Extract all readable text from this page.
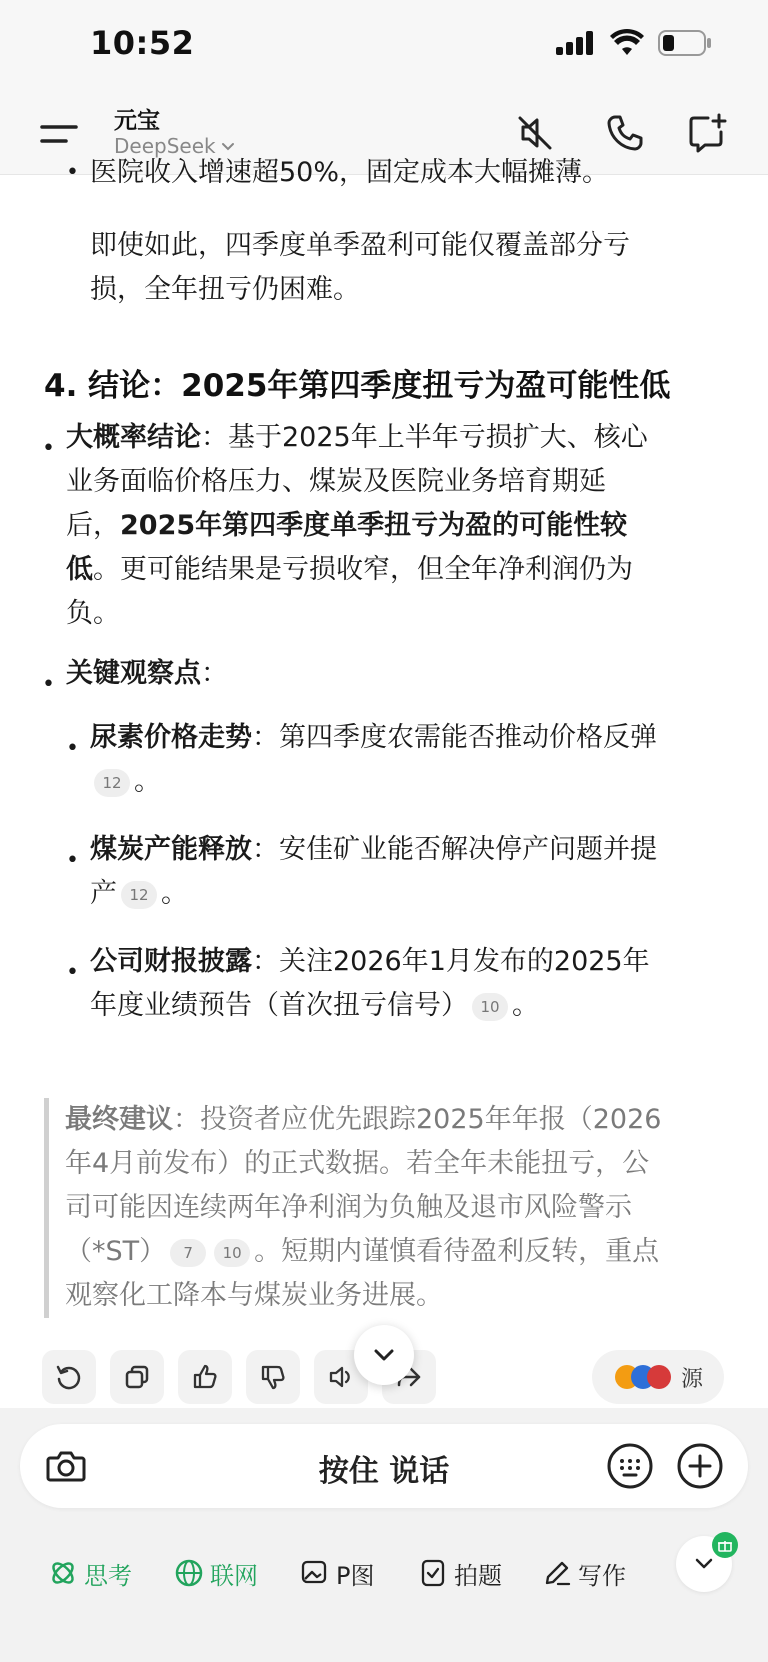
10:52
元宝
DeepSeek
• 医院收入增速超50%，固定成本大幅摊薄。
即使如此，四季度单季盈利可能仅覆盖部分亏
损，全年扭亏仍困难。
4. 结论：2025年第四季度扭亏为盈可能性低
• 大概率结论：基于2025年上半年亏损扩大、核心
业务面临价格压力、煤炭及医院业务培育期延
后，2025年第四季度单季扭亏为盈的可能性较
低。更可能结果是亏损收窄，但全年净利润仍为
负。
• 关键观察点：
• 尿素价格走势：第四季度农需能否推动价格反弹
12 。
• 煤炭产能释放：安佳矿业能否解决停产问题并提
产 12 。
• 公司财报披露：关注2026年1月发布的2025年
年度业绩预告（首次扭亏信号） 10 。
最终建议：投资者应优先跟踪2025年年报（2026
年4月前发布）的正式数据。若全年未能扭亏，公
司可能因连续两年净利润为负触及退市风险警示
（*ST） 7 10 。短期内谨慎看待盈利反转，重点
观察化工降本与煤炭业务进展。
源
按住 说话
思考	联网	P图	拍题	写作
